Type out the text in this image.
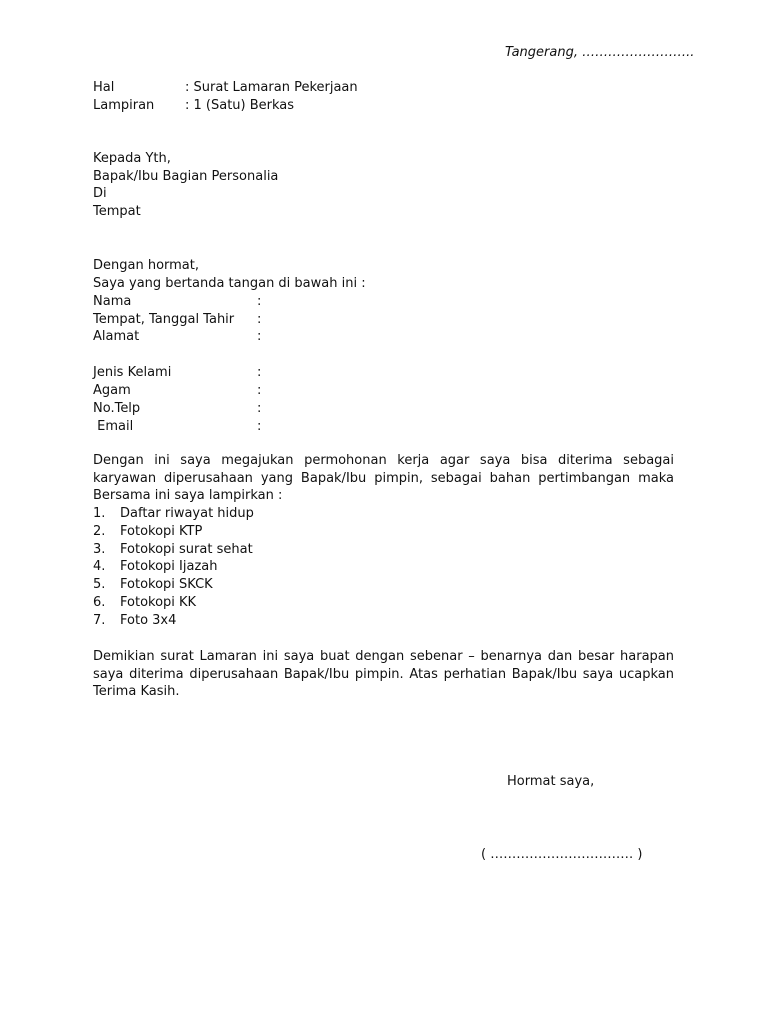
Tangerang, ……………………..
Hal	: Surat Lamaran Pekerjaan
Lampiran : 1 (Satu) Berkas
Kepada Yth,
Bapak/Ibu Bagian Personalia
Di
Tempat
Dengan hormat,
Saya yang bertanda tangan di bawah ini :
Nama	:
Tempat, Tanggal Tahir :
Alamat	:
Jenis Kelami	:
Agam	:
No.Telp	:
Email	:
Dengan ini saya megajukan permohonan kerja agar saya bisa diterima sebagai karyawan diperusahaan yang Bapak/Ibu pimpin, sebagai bahan pertimbangan maka Bersama ini saya lampirkan :
1. Daftar riwayat hidup
2. Fotokopi KTP
3. Fotokopi surat sehat
4. Fotokopi Ijazah
5. Fotokopi SKCK
6. Fotokopi KK
7. Foto 3x4
Demikian surat Lamaran ini saya buat dengan sebenar – benarnya dan besar harapan saya diterima diperusahaan Bapak/Ibu pimpin. Atas perhatian Bapak/Ibu saya ucapkan Terima Kasih.
Hormat saya,
( …………………………… )
